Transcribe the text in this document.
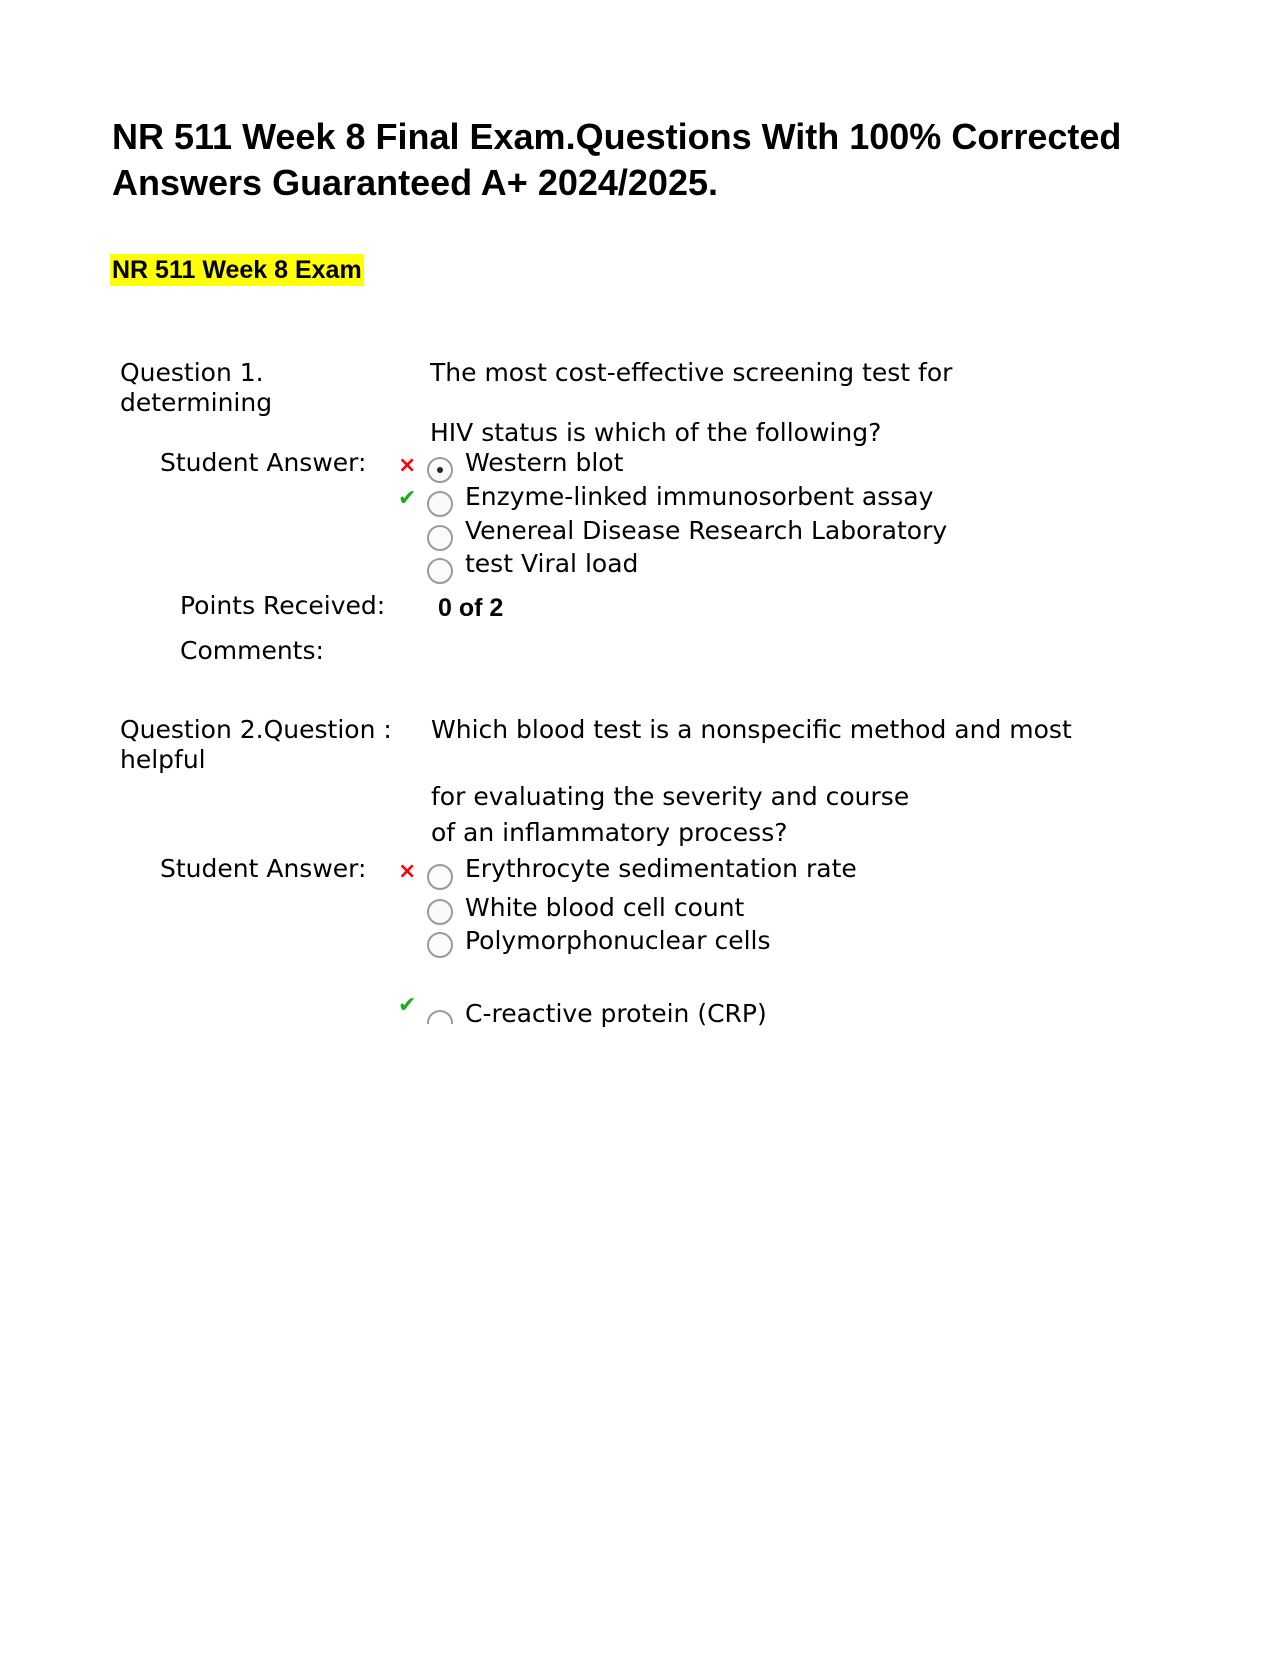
NR 511 Week 8 Final Exam.Questions With 100% Corrected Answers Guaranteed A+ 2024/2025.
NR 511 Week 8 Exam

Question 1.

determining

The most cost-effective screening test for

HIV status is which of the following?

Student Answer: × Western blot

✔ Enzyme-linked immunosorbent assay

Venereal Disease Research Laboratory

test Viral load

Points Received: 0 of 2

Comments:

Question 2.Question :

helpful

Which blood test is a nonspecific method and most

for evaluating the severity and course

of an inflammatory process?

Student Answer: × Erythrocyte sedimentation rate

White blood cell count

Polymorphonuclear cells

✔ C-reactive protein (CRP)
